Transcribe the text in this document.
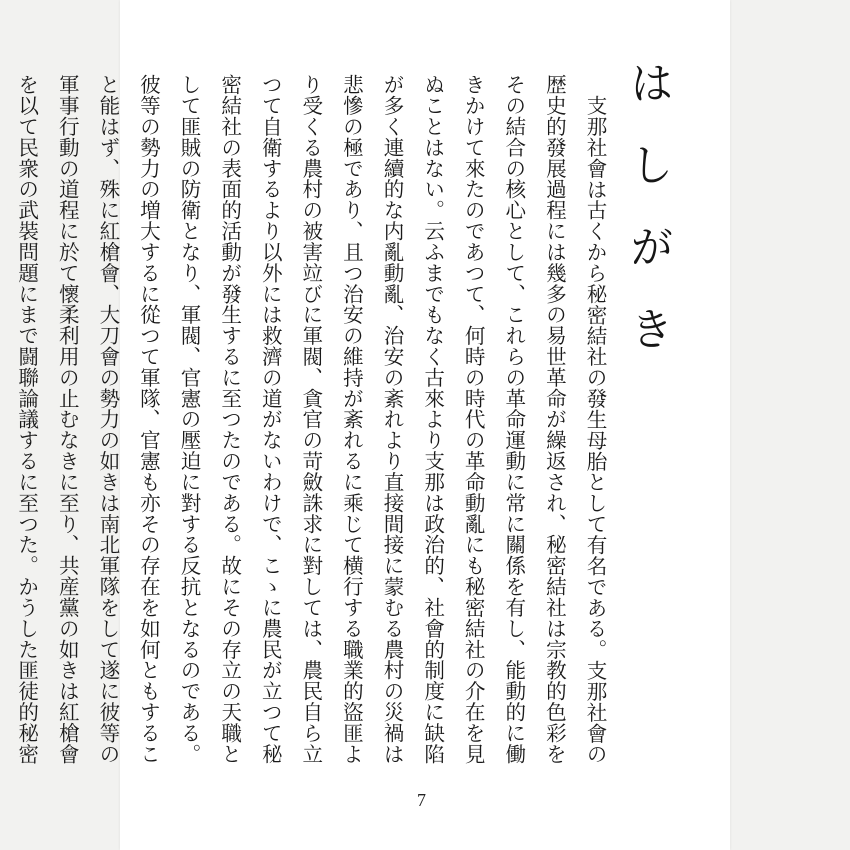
はしがき

支那社會は古くから秘密結社の發生母胎として有名である。支那社會の歴史的發展過程には幾多の易世革命が繰返され、秘密結社は宗教的色彩をその結合の核心として、これらの革命運動に常に關係を有し、能動的に働きかけて來たのであつて、何時の時代の革命動亂にも秘密結社の介在を見ぬことはない。云ふまでもなく古來より支那は政治的、社會的制度に缺陷が多く連續的な内亂動亂、治安の紊れより直接間接に蒙むる農村の災禍は悲慘の極であり、且つ治安の維持が紊れるに乘じて横行する職業的盜匪より受くる農村の被害竝びに軍閥、貪官の苛斂誅求に對しては、農民自ら立つて自衛するより以外には救濟の道がないわけで、こゝに農民が立つて秘密結社の表面的活動が發生するに至つたのである。故にその存立の天職として匪賊の防衛となり、軍閥、官憲の壓迫に對する反抗となるのである。彼等の勢力の増大するに從つて軍隊、官憲も亦その存在を如何ともすること能はず、殊に紅槍會、大刀會の勢力の如きは南北軍隊をして遂に彼等の軍事行動の道程に於て懷柔利用の止むなきに至り、共産黨の如きは紅槍會を以て民衆の武裝問題にまで闘聯論議するに至つた。かうした匪徒的秘密

7
